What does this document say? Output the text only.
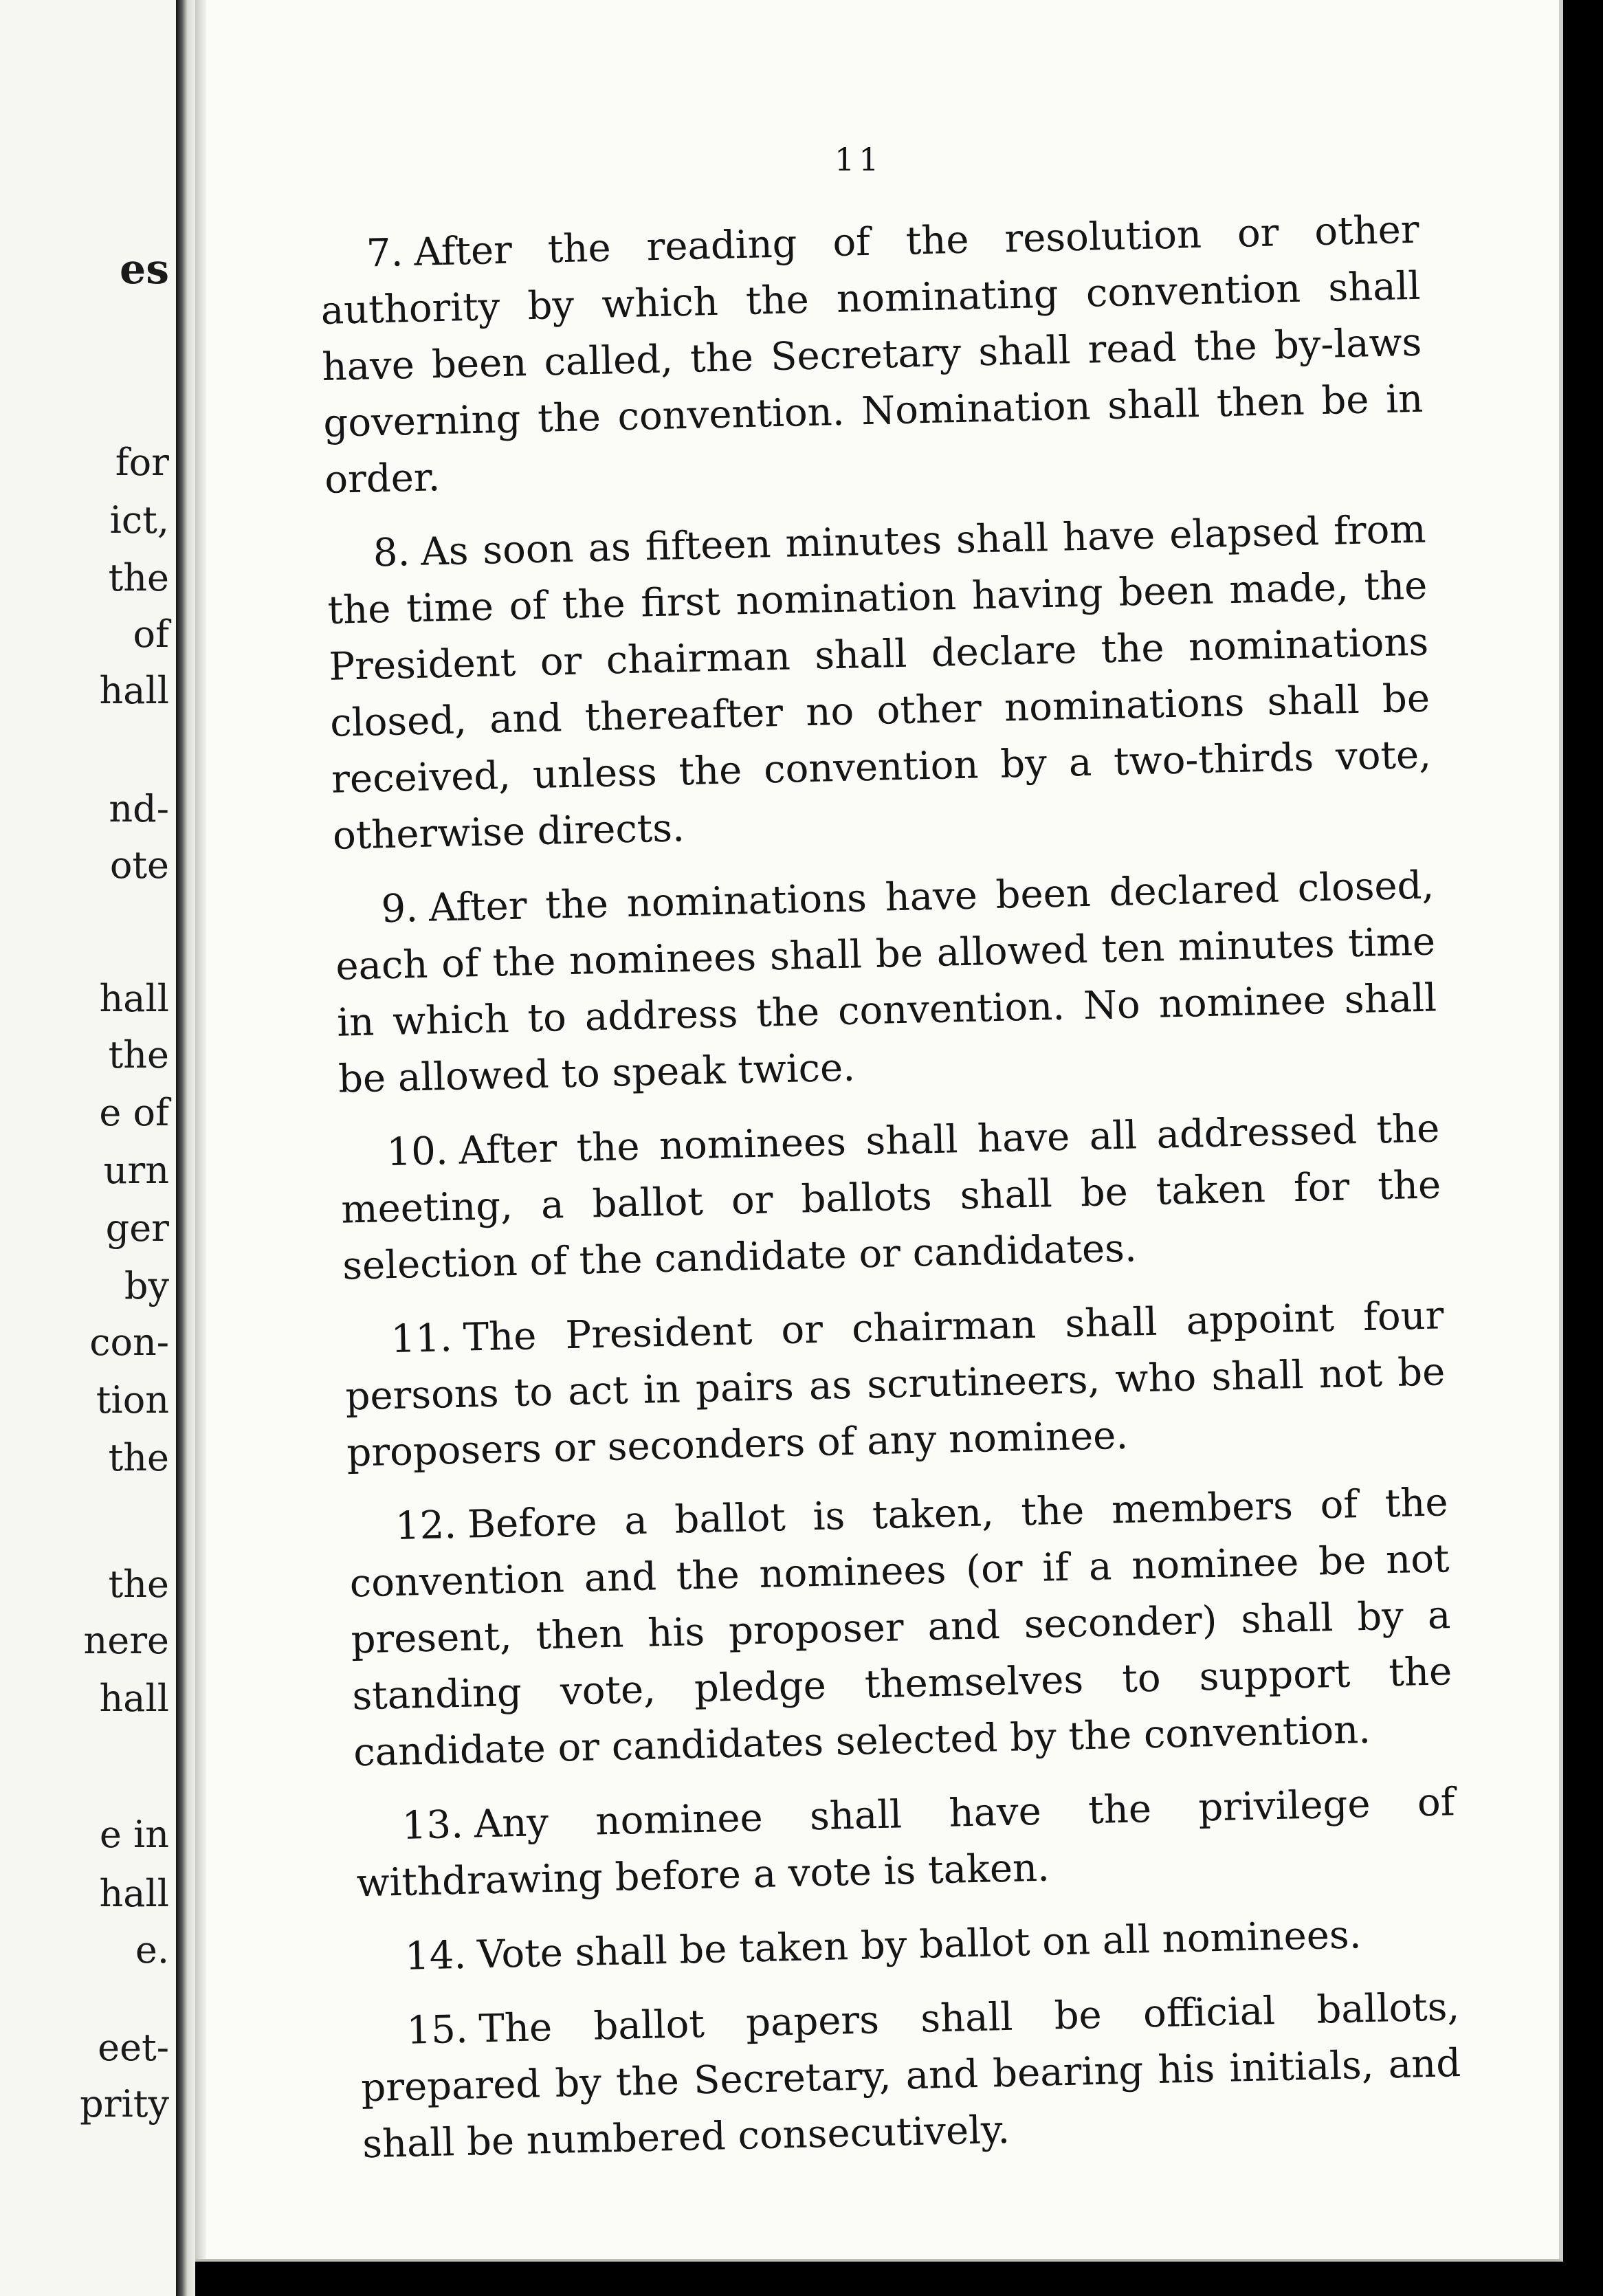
es
for
ict,
the
of
hall
nd-
ote
hall
the
e of
urn
ger
by
con-
tion
the
the
nere
hall
e in
hall
e.
eet-
prity
11

7. After the reading of the resolution or other authority by which the nominating convention shall have been called, the Secretary shall read the by-laws governing the convention. Nomination shall then be in order.

8. As soon as fifteen minutes shall have elapsed from the time of the first nomination having been made, the President or chairman shall declare the nominations closed, and thereafter no other nominations shall be received, unless the convention by a two-thirds vote, otherwise directs.

9. After the nominations have been declared closed, each of the nominees shall be allowed ten minutes time in which to address the convention. No nominee shall be allowed to speak twice.

10. After the nominees shall have all addressed the meeting, a ballot or ballots shall be taken for the selection of the candidate or candidates.

11. The President or chairman shall appoint four persons to act in pairs as scrutineers, who shall not be proposers or seconders of any nominee.

12. Before a ballot is taken, the members of the convention and the nominees (or if a nominee be not present, then his proposer and seconder) shall by a standing vote, pledge themselves to support the candidate or candidates selected by the convention.

13. Any nominee shall have the privilege of withdrawing before a vote is taken.

14. Vote shall be taken by ballot on all nominees.

15. The ballot papers shall be official ballots, prepared by the Secretary, and bearing his initials, and shall be numbered consecutively.
